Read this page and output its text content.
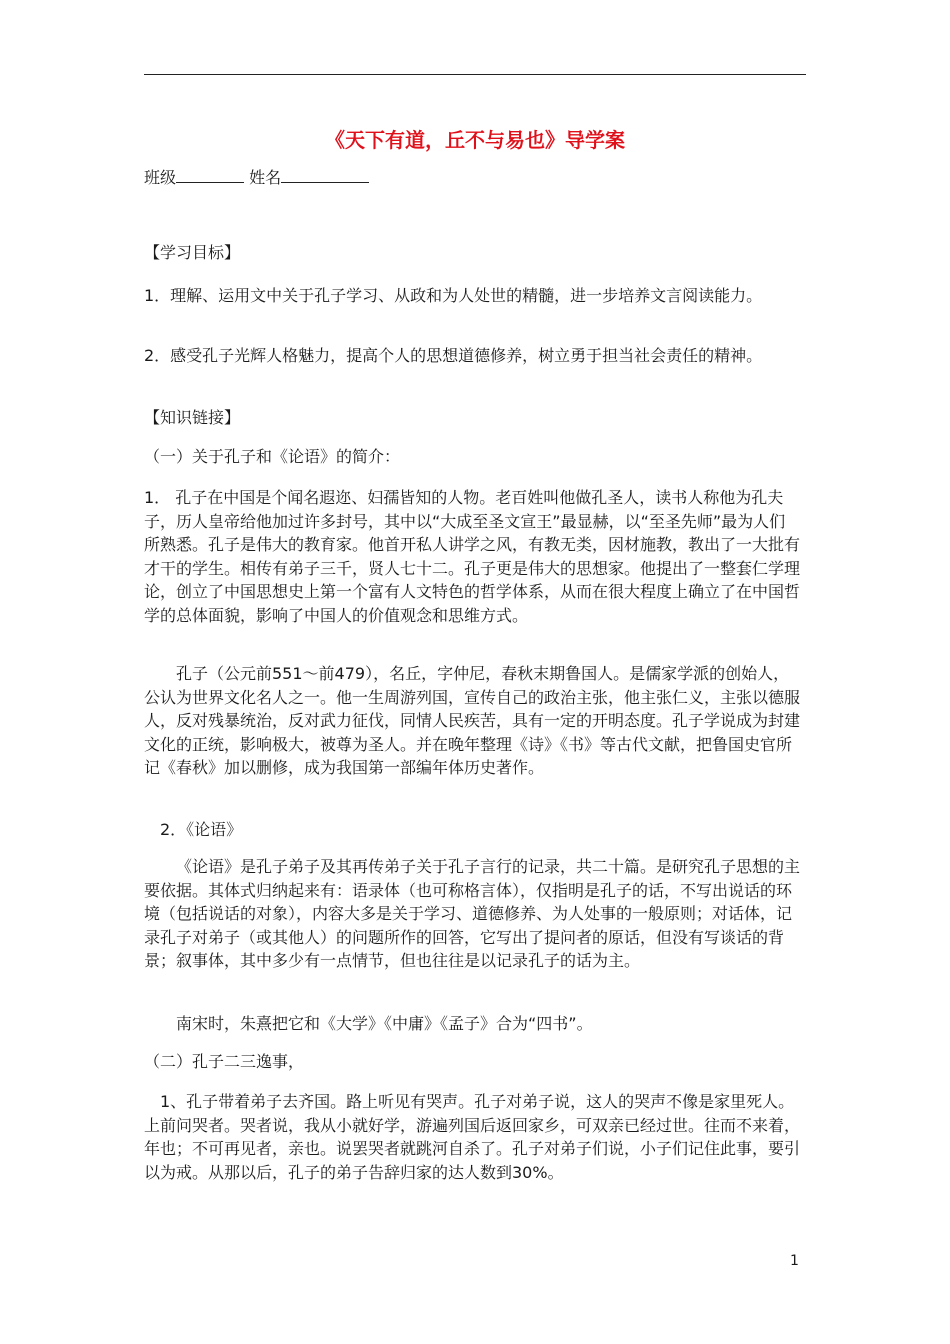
《天下有道，丘不与易也》导学案
班级	姓名
【学习目标】
1．理解、运用文中关于孔子学习、从政和为人处世的精髓，进一步培养文言阅读能力。
2．感受孔子光辉人格魅力，提高个人的思想道德修养，树立勇于担当社会责任的精神。
【知识链接】
（一）关于孔子和《论语》的简介：
1． 孔子在中国是个闻名遐迩、妇孺皆知的人物。老百姓叫他做孔圣人，读书人称他为孔夫子，历人皇帝给他加过许多封号，其中以“大成至圣文宣王”最显赫，以“至圣先师”最为人们所熟悉。孔子是伟大的教育家。他首开私人讲学之风，有教无类，因材施教，教出了一大批有才干的学生。相传有弟子三千，贤人七十二。孔子更是伟大的思想家。他提出了一整套仁学理论，创立了中国思想史上第一个富有人文特色的哲学体系，从而在很大程度上确立了在中国哲学的总体面貌，影响了中国人的价值观念和思维方式。
孔子（公元前551～前479），名丘，字仲尼，春秋末期鲁国人。是儒家学派的创始人，公认为世界文化名人之一。他一生周游列国，宣传自己的政治主张，他主张仁义，主张以德服人，反对残暴统治，反对武力征伐，同情人民疾苦，具有一定的开明态度。孔子学说成为封建文化的正统，影响极大，被尊为圣人。并在晚年整理《诗》《书》等古代文献，把鲁国史官所记《春秋》加以删修，成为我国第一部编年体历史著作。
2．《论语》
《论语》是孔子弟子及其再传弟子关于孔子言行的记录，共二十篇。是研究孔子思想的主要依据。其体式归纳起来有：语录体（也可称格言体），仅指明是孔子的话，不写出说话的环境（包括说话的对象），内容大多是关于学习、道德修养、为人处事的一般原则；对话体，记录孔子对弟子（或其他人）的问题所作的回答，它写出了提问者的原话，但没有写谈话的背景；叙事体，其中多少有一点情节，但也往往是以记录孔子的话为主。
南宋时，朱熹把它和《大学》《中庸》《孟子》合为“四书”。
（二）孔子二三逸事，
1、孔子带着弟子去齐国。路上听见有哭声。孔子对弟子说，这人的哭声不像是家里死人。上前问哭者。哭者说，我从小就好学，游遍列国后返回家乡，可双亲已经过世。往而不来着，年也；不可再见者，亲也。说罢哭者就跳河自杀了。孔子对弟子们说，小子们记住此事，要引以为戒。从那以后，孔子的弟子告辞归家的达人数到30%。
1
